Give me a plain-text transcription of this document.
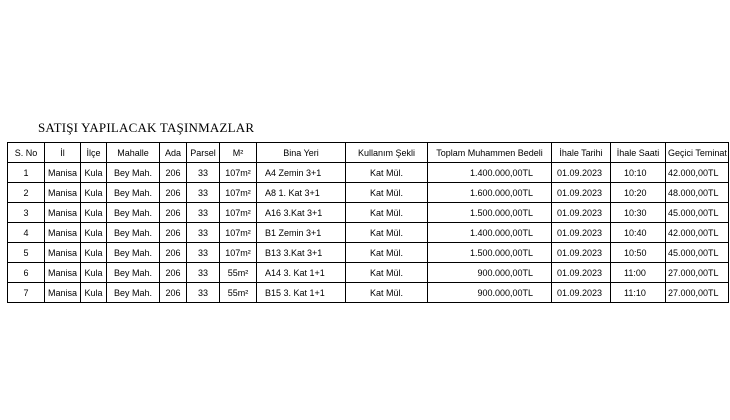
SATIŞI YAPILACAK TAŞINMAZLAR
S. No	İl	İlçe	Mahalle	Ada	Parsel	M²	Bina Yeri	Kullanım Şekli	Toplam Muhammen Bedeli	İhale Tarihi	İhale Saati	Geçici Teminat
1	Manisa	Kula	Bey Mah.	206	33	107m²	A4 Zemin 3+1	Kat Mül.	1.400.000,00TL	01.09.2023	10:10	42.000,00TL
2	Manisa	Kula	Bey Mah.	206	33	107m²	A8 1. Kat 3+1	Kat Mül.	1.600.000,00TL	01.09.2023	10:20	48.000,00TL
3	Manisa	Kula	Bey Mah.	206	33	107m²	A16 3.Kat 3+1	Kat Mül.	1.500.000,00TL	01.09.2023	10:30	45.000,00TL
4	Manisa	Kula	Bey Mah.	206	33	107m²	B1 Zemin 3+1	Kat Mül.	1.400.000,00TL	01.09.2023	10:40	42.000,00TL
5	Manisa	Kula	Bey Mah.	206	33	107m²	B13 3.Kat 3+1	Kat Mül.	1.500.000,00TL	01.09.2023	10:50	45.000,00TL
6	Manisa	Kula	Bey Mah.	206	33	55m²	A14 3. Kat 1+1	Kat Mül.	900.000,00TL	01.09.2023	11:00	27.000,00TL
7	Manisa	Kula	Bey Mah.	206	33	55m²	B15 3. Kat 1+1	Kat Mül.	900.000,00TL	01.09.2023	11:10	27.000,00TL
